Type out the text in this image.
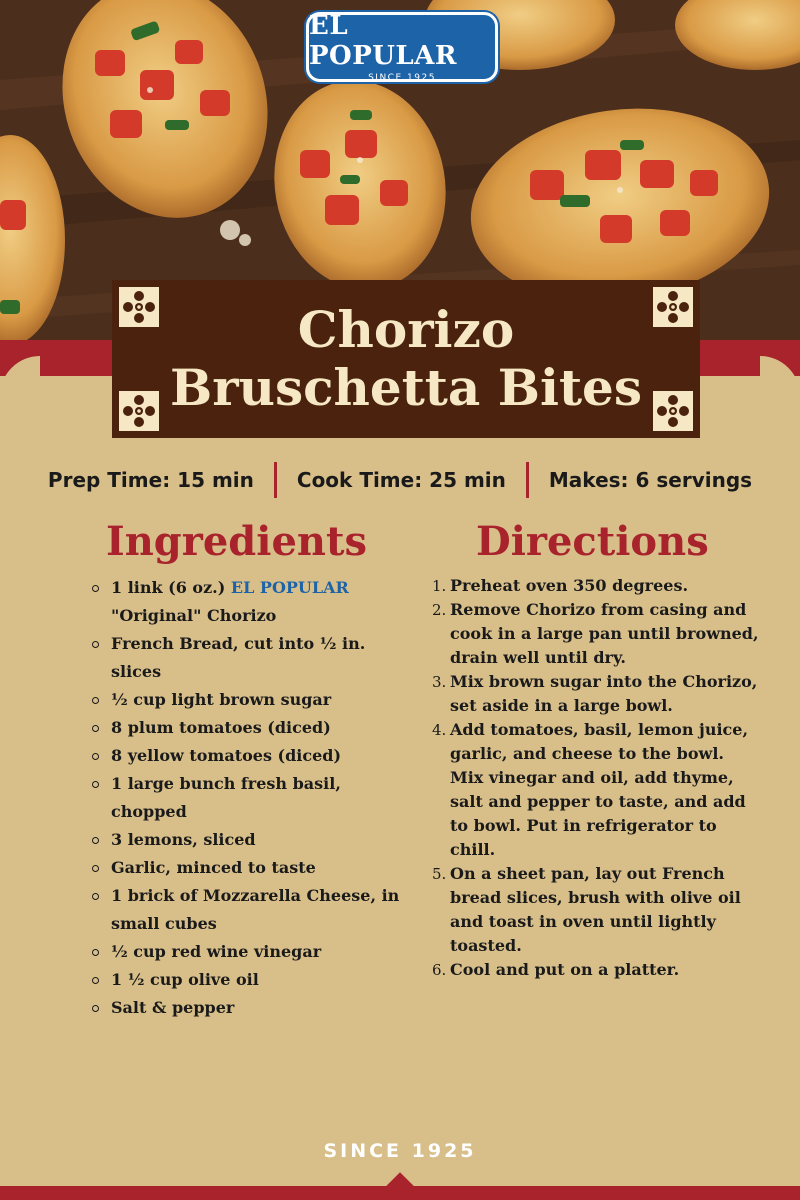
EL POPULAR
SINCE 1925
Chorizo
Bruschetta Bites
Prep Time: 15 min	Cook Time: 25 min	Makes: 6 servings
Ingredients	Directions
1 link (6 oz.) EL POPULAR
"Original" Chorizo
French Bread, cut into ½ in. slices
½ cup light brown sugar
8 plum tomatoes (diced)
8 yellow tomatoes (diced)
1 large bunch fresh basil, chopped
3 lemons, sliced
Garlic, minced to taste
1 brick of Mozzarella Cheese, in small cubes
½ cup red wine vinegar
1 ½ cup olive oil
Salt & pepper
1. Preheat oven 350 degrees.
2. Remove Chorizo from casing and cook in a large pan until browned, drain well until dry.
3. Mix brown sugar into the Chorizo, set aside in a large bowl.
4. Add tomatoes, basil, lemon juice, garlic, and cheese to the bowl. Mix vinegar and oil, add thyme, salt and pepper to taste, and add to bowl. Put in refrigerator to chill.
5. On a sheet pan, lay out French bread slices, brush with olive oil and toast in oven until lightly toasted.
6. Cool and put on a platter.
SINCE 1925
